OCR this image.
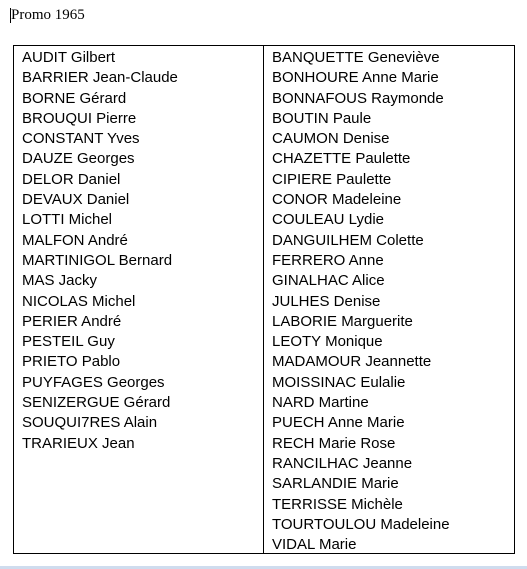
Promo 1965
AUDIT Gilbert
BARRIER Jean-Claude
BORNE Gérard
BROUQUI Pierre
CONSTANT Yves
DAUZE Georges
DELOR Daniel
DEVAUX Daniel
LOTTI Michel
MALFON André
MARTINIGOL Bernard
MAS Jacky
NICOLAS Michel
PERIER André
PESTEIL Guy
PRIETO Pablo
PUYFAGES Georges
SENIZERGUE Gérard
SOUQUI7RES Alain
TRARIEUX Jean
BANQUETTE Geneviève
BONHOURE Anne Marie
BONNAFOUS Raymonde
BOUTIN Paule
CAUMON Denise
CHAZETTE Paulette
CIPIERE Paulette
CONOR Madeleine
COULEAU Lydie
DANGUILHEM Colette
FERRERO Anne
GINALHAC Alice
JULHES Denise
LABORIE Marguerite
LEOTY Monique
MADAMOUR Jeannette
MOISSINAC Eulalie
NARD Martine
PUECH Anne Marie
RECH Marie Rose
RANCILHAC Jeanne
SARLANDIE Marie
TERRISSE Michèle
TOURTOULOU Madeleine
VIDAL Marie
